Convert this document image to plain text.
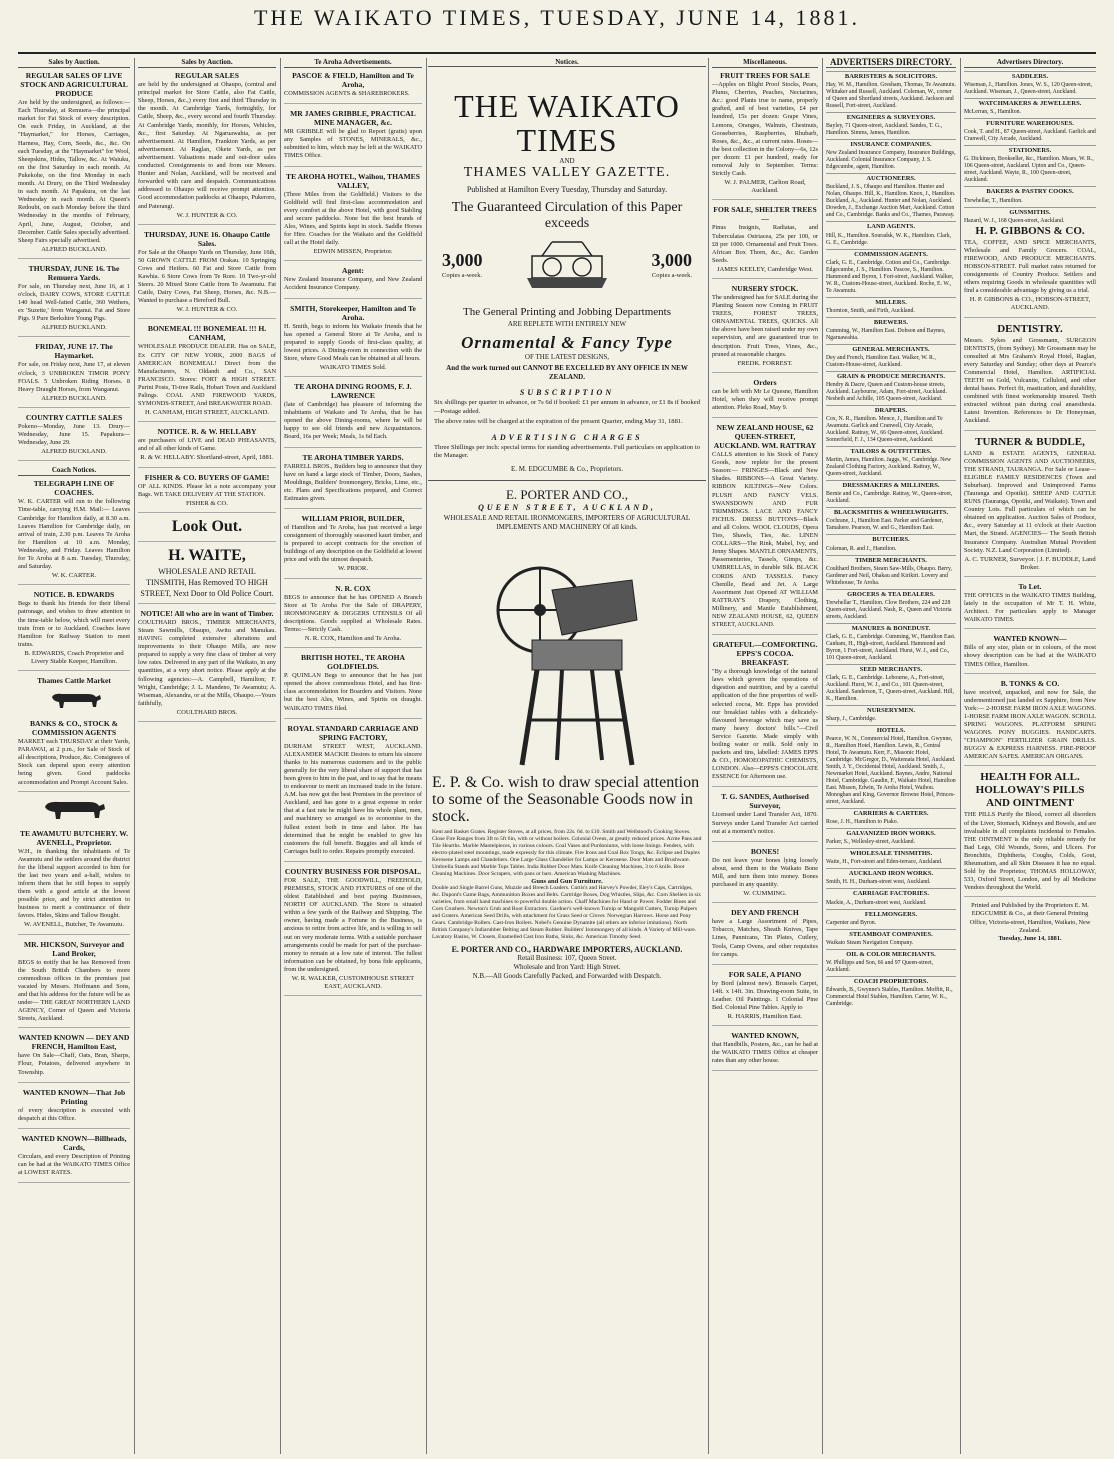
THE WAIKATO TIMES, TUESDAY, JUNE 14, 1881.
Sales by Auction.
REGULAR SALES OF LIVE STOCK AND AGRICULTURAL PRODUCE
Are held by the undersigned, as follows:— Each Thursday, at Remuera—the principal market for Fat Stock of every description. On each Friday, in Auckland, at the "Haymarket," for Horses, Carriages, Harness, Hay, Corn, Seeds, &c., &c. On each Tuesday, at the "Haymarket" for Wool, Sheepskins, Hides, Tallow, &c. At Waiuku, on the first Saturday in each month. At Pukekohe, on the first Monday in each month. At Drury, on the Third Wednesday in each month. At Papakura, on the last Wednesday in each month. At Queen's Redoubt, on each Monday before the third Wednesday in the months of February, April, June, August, October, and December. Cattle Sales specially advertised. Sheep Fairs specially advertised.
ALFRED BUCKLAND.
THURSDAY, JUNE 16. The Remuera Yards.
For sale, on Thursday next, June 16, at 1 o'clock, DAIRY COWS, STORE CATTLE 140 head Well-fatted Cattle, 360 Wethers, ex 'Suzette,' from Wanganui. Fat and Store Pigs. 9 Pure Berkshire Young Pigs.
ALFRED BUCKLAND.
FRIDAY, JUNE 17. The Haymarket.
For sale, on Friday next, June 17, at eleven o'clock, 3 UNBROKEN TIMOR PONY FOALS. 5 Unbroken Riding Horses. 8 Heavy Draught Horses, from Wanganui.
ALFRED BUCKLAND.
COUNTRY CATTLE SALES
Pokeno—Monday, June 13. Drury—Wednesday, June 15. Papakura—Wednesday, June 29.
ALFRED BUCKLAND.
Coach Notices.
TELEGRAPH LINE OF COACHES.
W. K. CARTER will run to the following Time-table, carrying H.M. Mail:— Leaves Cambridge for Hamilton daily, at 8.30 a.m. Leaves Hamilton for Cambridge daily, on arrival of train, 2.30 p.m. Leaves Te Aroha for Hamilton at 10 a.m. Monday, Wednesday, and Friday. Leaves Hamilton for Te Aroha at 8 a.m. Tuesday, Thursday, and Saturday.
W. K. CARTER.
NOTICE. B. EDWARDS
Begs to thank his friends for their liberal patronage, and wishes to draw attention to the time-table below, which will meet every train from or to Auckland. Coaches leave Hamilton for Railway Station to meet trains.
B. EDWARDS, Coach Proprietor and Livery Stable Keeper, Hamilton.
Thames Cattle Market
BANKS & CO., STOCK & COMMISSION AGENTS
MARKET each THURSDAY at their Yards, PARAWAI, at 2 p.m., for Sale of Stock of all descriptions, Produce, &c. Consignees of Stock can depend upon every attention being given. Good paddocks accommodation and Prompt Account Sales.
TE AWAMUTU BUTCHERY. W. AVENELL, Proprietor.
W.H., in thanking the inhabitants of Te Awamutu and the settlers around the district for the liberal support accorded to him for the last two years and a-half, wishes to inform them that he still hopes to supply them with a good article at the lowest possible price, and by strict attention to business to merit a continuance of their favors. Hides, Skins and Tallow Bought.
W. AVENELL, Butcher, Te Awamutu.
MR. HICKSON, Surveyor and Land Broker,
BEGS to notify that he has Removed from the South British Chambers to more commodious offices in the premises just vacated by Messrs. Hoffmann and Sons, and that his address for the future will be as under— THE GREAT NORTHERN LAND AGENCY, Corner of Queen and Victoria Streets, Auckland.
WANTED KNOWN — DEY AND FRENCH, Hamilton East,
have On Sale—Chaff, Oats, Bran, Sharps, Flour, Potatoes, delivered anywhere in Township.
WANTED KNOWN—That Job Printing
of every description is executed with despatch at this Office.
WANTED KNOWN—Billheads, Cards,
Circulars, and every Description of Printing can be had at the WAIKATO TIMES Office at LOWEST RATES.
Sales by Auction.
REGULAR SALES
are held by the undersigned at Ohaupo, (central and principal market for Store Cattle, also Fat Cattle, Sheep, Horses, &c.,) every first and third Thursday in the month. At Cambridge Yards, fortnightly, for Cattle, Sheep, &c., every second and fourth Thursday. At Cambridge Yards, monthly, for Horses, Vehicles, &c., first Saturday. At Ngaruawahia, as per advertisement. At Hamilton, Frankton Yards, as per advertisement. At Raglan, Okete Yards, as per advertisement. Valuations made and out-door sales conducted. Consignments to and from our Messrs. Hunter and Nolan, Auckland, will be received and forwarded with care and despatch. Communications addressed to Ohaupo will receive prompt attention. Good accommodation paddocks at Ohaupo, Pukeroro, and Paterangi.
W. J. HUNTER & CO.
THURSDAY, JUNE 16. Ohaupo Cattle Sales.
For Sale at the Ohaupo Yards on Thursday, June 16th, 50 GROWN CATTLE FROM Orakau. 10 Springing Cows and Heifers. 60 Fat and Store Cattle from Kawhia. 6 Store Cows from Te Rore. 10 Two-yr-old Steers. 20 Mixed Store Cattle from Te Awamutu. Fat Cattle, Dairy Cows, Fat Sheep, Horses, &c. N.B.—Wanted to purchase a Hereford Bull.
W. J. HUNTER & CO.
BONEMEAL !!! BONEMEAL !!! H. CANHAM,
WHOLESALE PRODUCE DEALER. Has on SALE, Ex CITY OF NEW YORK, 2000 BAGS of AMERICAN BONEMEAL! Direct from the Manufacturers, N. Oldandt and Co., SAN FRANCISCO. Stores: FORT & HIGH STREET. Purini Posts, Ti-tree Rails, Hobart Town and Auckland Palings. COAL AND FIREWOOD YARDS, SYMONDS-STREET, And BREAKWATER ROAD.
H. CANHAM, HIGH STREET, AUCKLAND.
NOTICE. R. & W. HELLABY
are purchasers of LIVE and DEAD PHEASANTS, and of all other kinds of Game.
R. & W. HELLABY. Shortland-street, April, 1881.
FISHER & CO. BUYERS OF GAME!
OF ALL KINDS. Please let a note accompany your Bags. WE TAKE DELIVERY AT THE STATION.
FISHER & CO.
Look Out.
H. WAITE,
WHOLESALE AND RETAIL TINSMITH, Has Removed TO HIGH STREET, Next Door to Old Police Court.
NOTICE! All who are in want of Timber.
COULTHARD BROS., TIMBER MERCHANTS, Steam Sawmills, Ohaupo, Awitu and Manukau. HAVING completed extensive alterations and improvements to their Ohaupo Mills, are now prepared to supply a very fine class of timber at very low rates. Delivered in any part of the Waikato, in any quantities, at a very short notice. Please apply at the following agencies:—A. Campbell, Hamilton; F. Wright, Cambridge; J. L. Mandeno, Te Awamutu; A. Wiseman, Alexandra, or at the Mills, Ohaupo.—Yours faithfully,
COULTHARD BROS.
Te Aroha Advertisements.
PASCOE & FIELD, Hamilton and Te Aroha,
COMMISSION AGENTS & SHAREBROKERS.
MR JAMES GRIBBLE, PRACTICAL MINE MANAGER, &c.
MR GRIBBLE will be glad to Report (gratis) upon any Samples of STONES, MINERALS, &c., submitted to him, which may be left at the WAIKATO TIMES Office.
TE AROHA HOTEL, Waihou, THAMES VALLEY,
(Three Miles from the Goldfield.) Visitors to the Goldfield will find first-class accommodation and every comfort at the above Hotel, with good Stabling and secure paddocks. None but the best brands of Ales, Wines, and Spirits kept in stock. Saddle Horses for Hire. Coaches for the Waikato and the Goldfield call at the Hotel daily.
EDWIN MISSEN, Proprietor.
Agent:
New Zealand Insurance Company, and New Zealand Accident Insurance Company.
SMITH, Storekeeper, Hamilton and Te Aroha.
H. Smith, begs to inform his Waikato friends that he has opened a General Store at Te Aroha, and is prepared to supply Goods of first-class quality, at lowest prices. A Dining-room in connection with the Store, where Good Meals can be obtained at all hours.
WAIKATO TIMES Sold.
TE AROHA DINING ROOMS, F. J. LAWRENCE
(late of Cambridge) has pleasure of informing the inhabitants of Waikato and Te Aroha, that he has opened the above Dining-rooms, where he will be happy to see old friends and new Acquaintances. Board, 16s per Week; Meals, 1s 6d Each.
TE AROHA TIMBER YARDS.
FARRELL BROS., Builders beg to announce that they have on hand a large stock of Timber, Doors, Sashes, Mouldings, Builders' Ironmongery, Bricks, Lime, etc., etc. Plans and Specifications prepared, and Correct Estimates given.
WILLIAM PRIOR, BUILDER,
of Hamilton and Te Aroha, has just received a large consignment of thoroughly seasoned kauri timber, and is prepared to accept contracts for the erection of buildings of any description on the Goldfield at lowest price and with the utmost despatch.
W. PRIOR.
N. R. COX
BEGS to announce that he has OPENED A Branch Store at Te Aroha For the Sale of DRAPERY, IRONMONGERY & DIGGERS UTENSILS Of all descriptions. Goods supplied at Wholesale Rates. Terms:—Strictly Cash.
N. R. COX, Hamilton and Te Aroha.
BRITISH HOTEL, TE AROHA GOLDFIELDS.
P. QUINLAN Begs to announce that he has just opened the above commodious Hotel, and has first-class accommodation for Boarders and Visitors. None but the best Ales, Wines, and Spirits on draught. WAIKATO TIMES filed.
ROYAL STANDARD CARRIAGE AND SPRING FACTORY,
DURHAM STREET WEST, AUCKLAND. ALEXANDER MACKIE Desires to return his sincere thanks to his numerous customers and to the public generally for the very liberal share of support that has been given to him in the past, and to say that he means to endeavour to merit an increased trade in the future. A.M. has now got the best Premises in the province of Auckland, and has gone to a great expense in order that at a fast rate he might have his whole plant, men, and machinery so arranged as to economise to the fullest extent both in time and labor. He has determined that he might be enabled to give his customers the full benefit. Buggies and all kinds of Carriages built to order. Repairs promptly executed.
COUNTRY BUSINESS FOR DISPOSAL.
FOR SALE, THE GOODWILL, FREEHOLD, PREMISES, STOCK AND FIXTURES of one of the oldest Established and best paying Businesses, NORTH OF AUCKLAND. The Store is situated within a few yards of the Railway and Shipping. The owner, having made a Fortune in the Business, is anxious to retire from active life, and is willing to sell out on very moderate terms. With a suitable purchaser arrangements could be made for part of the purchase-money to remain at a low rate of interest. The fullest information can be obtained, by bona fide applicants, from the undersigned.
W. R. WALKER, CUSTOMHOUSE STREET EAST, AUCKLAND.
Notices.
THE WAIKATO TIMES
AND
THAMES VALLEY GAZETTE.
Published at Hamilton Every Tuesday, Thursday and Saturday.
The Guaranteed Circulation of this Paper exceeds
3,000
Copies a-week.
3,000
Copies a-week.
The General Printing and Jobbing Departments
ARE REPLETE WITH ENTIRELY NEW
Ornamental & Fancy Type
OF THE LATEST DESIGNS,
And the work turned out CANNOT BE EXCELLED BY ANY OFFICE IN NEW ZEALAND.
SUBSCRIPTION
Six shillings per quarter in advance, or 7s 6d if booked: £1 per annum in advance, or £1 8s if booked—Postage added.
The above rates will be charged at the expiration of the present Quarter, ending May 31, 1881.
ADVERTISING CHARGES
Three Shillings per inch: special terms for standing advertisements. Full particulars on application to the Manager.
E. M. EDGCUMBE & Co., Proprietors.
E. PORTER AND CO.,
QUEEN STREET, AUCKLAND,
WHOLESALE AND RETAIL IRONMONGERS, IMPORTERS OF AGRICULTURAL IMPLEMENTS AND MACHINERY Of all kinds.
E. P. & Co. wish to draw special attention to some of the Seasonable Goods now in stock.
Kent and Basket Grates. Register Stoves, at all prices, from 22s. 6d. to £10. Smith and Wellstood's Cooking Stoves. Close Fire Ranges from 3ft to 5ft 6in, with or without boilers. Colonial Ovens, at greatly reduced prices. Acme Pans and Tile Hearths. Marble Mantelpieces, in various colours. Coal Vases and Purdoniums, with loose linings. Fenders, with electro-plated steel mountings, made expressly for this climate. Fire Irons and Coal Box Tongs, &c. Eclipse and Duplex Kerosene Lamps and Chandeliers. One Large Glass Chandelier for Lamps or Kerosene. Door Mats and Brushware. Umbrella Stands and Marble Tops Tables. India Rubber Door Mats. Knife Cleaning Machines, 3 to 6 knife. Boot Cleaning Machines. Door Scrapers, with pans or bars. American Washing Machines.
Guns and Gun Furniture.
Double and Single Barrel Guns, Muzzle and Breech Loaders. Curtis's and Harvey's Powder, Eley's Caps, Cartridges, &c. Dupont's Game Bags, Ammunition Boxes and Belts. Cartridge Boxes, Dog Whistles, Slips, &c. Corn Shellers in six varieties, from small hand machines to powerful double action. Chaff Machines for Hand or Power. Fodder Bines and Corn Crushers. Newton's Grub and Root Extractors. Gardner's well-known Turnip or Mangold Cutters, Turnip Pulpers and Graters. American Seed Drills, with attachment for Grass Seed or Clover. Norwegian Harrows. Horse and Pony Gears. Cambridge Rollers. Cast-Iron Boilers. Nobel's Genuine Dynamite (all others are inferior imitations). North British Company's Indiarubber Belting and Steam Rubber. Builders' Ironmongery of all kinds. A Variety of Mill-ware. Lavatory Basins, W. Closets, Enamelled Cast Iron Baths, Sinks, &c. American Timothy Seed.
E. PORTER AND CO., HARDWARE IMPORTERS, AUCKLAND.
Retail Business: 107, Queen Street.
Wholesale and Iron Yard: High Street.
N.B.—All Goods Carefully Packed, and Forwarded with Despatch.
Miscellaneous.
FRUIT TREES FOR SALE
—Apples on Blight Proof Stocks, Pears, Plums, Cherries, Peaches, Nectarines, &c.: good Plants true to name, properly grafted, and of best varieties, £4 per hundred, 15s per dozen: Grape Vines, Lemons, Oranges, Walnuts, Chestnuts, Gooseberries, Raspberries, Rhubarb, Roses, &c., &c., at current rates. Roses—the best collection in the Colony—6s, 12s per dozen: £1 per hundred, ready for removal July to September. Terms: Strictly Cash.
W. J. PALMER, Carlton Road, Auckland.
FOR SALE, SHELTER TREES—
Pinus Insignis, Radiatas, and Tuberculatas Ostriacea, 25s per 100, or £8 per 1000. Ornamental and Fruit Trees. African Box Thorn, &c., &c. Garden Seeds.
JAMES KEELEY, Cambridge West.
NURSERY STOCK.
The undersigned has for SALE during the Planting Season now Coming in FRUIT TREES, FOREST TREES, ORNAMENTAL TREES, QUICKS. All the above have been raised under my own supervision, and are guaranteed true to description. Fruit Trees, Vines, &c., pruned at reasonable charges.
FREDK. FORREST.
Orders
can be left with Mr Le Quesne, Hamilton Hotel, when they will receive prompt attention. Pleko Road, May 9.
NEW ZEALAND HOUSE, 62 QUEEN-STREET, AUCKLAND. WM. RATTRAY
CALLS attention to his Stock of Fancy Goods, now replete for the present Season:— FRINGES—Black and New Shades. RIBBONS—A Great Variety. RIBBON KILTINGS—New Colors. PLUSH AND FANCY VELS. SWANSDOWN AND FUR TRIMMINGS. LACE AND FANCY FICHUS. DRESS BUTTONS—Black and all Colors. WOOL CLOUDS, Opera Ties, Shawls, Ties, &c. LINEN COLLARS—The Rink, Mabel, Ivy, and Jenny Shapes. MANTLE ORNAMENTS, Passementeries, Tassels, Gimps, &c. UMBRELLAS, in durable Silk. BLACK CORDS AND TASSELS. Fancy Chenille, Bead and Jet. A Large Assortment Just Opened AT WILLIAM RATTRAY'S Drapery, Clothing, Millinery, and Mantle Establishment, NEW ZEALAND HOUSE, 62, QUEEN STREET, AUCKLAND.
GRATEFUL—COMFORTING. EPPS'S COCOA. BREAKFAST.
"By a thorough knowledge of the natural laws which govern the operations of digestion and nutrition, and by a careful application of the fine properties of well-selected cocoa, Mr. Epps has provided our breakfast tables with a delicately-flavoured beverage which may save us many heavy doctors' bills."—Civil Service Gazette. Made simply with boiling water or milk. Sold only in packets and tins, labelled: JAMES EPPS & CO., HOMOEOPATHIC CHEMISTS, LONDON. Also—EPPS'S CHOCOLATE ESSENCE for Afternoon use.
T. G. SANDES, Authorised Surveyor,
Licensed under Land Transfer Act, 1870. Surveys under Land Transfer Act carried out at a moment's notice.
BONES!
Do not leave your bones lying loosely about, send them to the Waikato Bone Mill, and turn them into money. Bones purchased in any quantity.
W. CUMMING.
DEY AND FRENCH
have a Large Assortment of Pipes, Tobacco, Matches, Sheath Knives, Tape Lines, Pannicans, Tin Plates, Cutlery, Tools, Camp Ovens, and other requisites for camps.
FOR SALE, A PIANO
by Bord (almost new). Brussels Carpet, 14ft. x 14ft. 3in. Drawing-room Suite, in Leather. Oil Paintings. 1 Colonial Pine Bed. Colonial Pine Tables. Apply to
R. HARRIS, Hamilton East.
WANTED KNOWN,
that Handbills, Posters, &c., can be had at the WAIKATO TIMES Office at cheaper rates than any other house.
ADVERTISERS DIRECTORY.
BARRISTERS & SOLICITORS.
Hay, W. M., Hamilton. Gresham, Thomas, Te Awamutu. Whitaker and Russell, Auckland. Coleman, W., corner of Queen and Shortland streets, Auckland. Jackson and Russell, Fort-street, Auckland.
ENGINEERS & SURVEYORS.
Bayley, 71 Queen-street, Auckland. Sandes, T. G., Hamilton. Simms, James, Hamilton.
INSURANCE COMPANIES.
New Zealand Insurance Company, Insurance Buildings, Auckland. Colonial Insurance Company, J. S. Edgecumbe, agent, Hamilton.
AUCTIONEERS.
Buckland, J. S., Ohaupo and Hamilton. Hunter and Nolan, Ohaupo. Hill, K., Hamilton. Knox, J., Hamilton. Buckland, A., Auckland. Hunter and Nolan, Auckland. Dowden, J., Exchange Auction Mart, Auckland. Cotton and Co., Cambridge. Banks and Co., Thames, Paraway.
LAND AGENTS.
Hill, K., Hamilton. Souradsk, W. K., Hamilton. Clark, G. E., Cambridge.
COMMISSION AGENTS.
Clark, G. E., Cambridge. Cotton and Co., Cambridge. Edgecumbe, J. S., Hamilton. Pascoe, S., Hamilton. Hammond and Byron, 1 Fort-street, Auckland. Walker, W. R., Custom-House-street, Auckland. Roche, E. W., Te Awamutu.
MILLERS.
Thornton, Smith, and Firth, Auckland.
BREWERS.
Cumming, W., Hamilton East. Dobson and Baynes, Ngaruawahia.
GENERAL MERCHANTS.
Dey and French, Hamilton East. Walker, W. R., Custom-House-street, Auckland.
GRAIN & PRODUCE MERCHANTS.
Hendry & Dacre, Queen and Custom-house streets, Auckland. Laybourne, Adam, Fort-street, Auckland. Nesbeth and Achille, 105 Queen-street, Auckland.
DRAPERS.
Cox, N. R., Hamilton. Mence, J., Hamilton and Te Awamutu. Garlick and Cranwell, City Arcade, Auckland. Rattray, W., 66 Queen-street, Auckland. Somerfield, F. J., 134 Queen-street, Auckland.
TAILORS & OUTFITTERS.
Martin, James, Hamilton. Jaggs, W., Cambridge. New Zealand Clothing Factory, Auckland. Rattray, W., Queen-street, Auckland.
DRESSMAKERS & MILLINERS.
Bernie and Co., Cambridge. Rattray, W., Queen-street, Auckland.
BLACKSMITHS & WHEELWRIGHTS.
Cochrane, J., Hamilton East. Parker and Gardener, Tamahere. Pearson, W. and G., Hamilton East.
BUTCHERS.
Coleman, R. and J., Hamilton.
TIMBER MERCHANTS.
Coulthard Brothers, Steam Saw-Mills, Ohaupo. Berry, Gardener and Neil, Ohakau and Kirikiri. Lovery and Whitehouse, Te Aroha.
GROCERS & TEA DEALERS.
Trewhellar T., Hamilton. Clow Brothers, 224 and 228 Queen-street, Auckland. Nash, R., Queen and Victoria streets, Auckland.
MANURES & BONEDUST.
Clark, G. E., Cambridge. Cumming, W., Hamilton East. Canham, H., High-street, Auckland. Hammond and Byron, 1 Fort-street, Auckland. Hurst, W. J., and Co., 101 Queen-street, Auckland.
SEED MERCHANTS.
Clark, G. E., Cambridge. Lebourne, A., Fort-street, Auckland. Hurst, W. J., and Co., 101 Queen-street, Auckland. Sanderson, T., Queen-street, Auckland. Hill, K., Hamilton.
NURSERYMEN.
Sharp, J., Cambridge.
HOTELS.
Pearce, W. N., Commercial Hotel, Hamilton. Gwynne, R., Hamilton Hotel, Hamilton. Lewis, R., Central Hotel, Te Awamutu. Kerr, F., Masonic Hotel, Cambridge. McGregor, D., Waitemata Hotel, Auckland. Smith, J. Y., Occidental Hotel, Auckland. Smith, J., Newmarket Hotel, Auckland. Baynes, Andre, National Hotel, Cambridge. Gaudin, F., Waikato Hotel, Hamilton East. Missen, Edwin, Te Aroha Hotel, Waihou. Monoghan and King, Governor Browne Hotel, Princes-street, Auckland.
CARRIERS & CARTERS.
Rose, J. H., Hamilton to Piako.
GALVANIZED IRON WORKS.
Parker, S., Wellesley-street, Auckland.
WHOLESALE TINSMITHS.
Waite, H., Fort-street and Eden-terrace, Auckland.
AUCKLAND IRON WORKS.
Smith, H. H., Durham-street west, Auckland.
CARRIAGE FACTORIES.
Mackie, A., Durham-street west, Auckland.
FELLMONGERS.
Carpenter and Byron.
STEAMBOAT COMPANIES.
Waikato Steam Navigation Company.
OIL & COLOR MERCHANTS.
W. Phillipps and Son, 66 and 97 Queen-street, Auckland.
COACH PROPRIETORS.
Edwards, B., Gwynne's Stables, Hamilton. Moffitt, R., Commercial Hotel Stables, Hamilton. Carter, W. K., Cambridge.
Advertisers Directory.
SADDLERS.
Wiseman, J., Hamilton. Jones, W. S., 120 Queen-street, Auckland. Wiseman, J., Queen-street, Auckland.
WATCHMAKERS & JEWELLERS.
McLerran, S., Hamilton.
FURNITURE WAREHOUSES.
Cook, T. and H., 87 Queen-street, Auckland. Garlick and Cranwell, City Arcade, Auckland.
STATIONERS.
G. Dickinson, Bookseller, &c., Hamilton. Mears, W. R., 106 Queen-street, Auckland. Upton and Co., Queen-street, Auckland. Wayte, R., 100 Queen-street, Auckland.
BAKERS & PASTRY COOKS.
Trewhellar, T., Hamilton.
GUNSMITHS.
Hazard, W. J., 168 Queen-street, Auckland.
H. P. GIBBONS & CO.
TEA, COFFEE, AND SPICE MERCHANTS, Wholesale and Family Grocers. COAL, FIREWOOD, AND PRODUCE MERCHANTS. HOBSON-STREET. Full market rates returned for consignments of Country Produce. Settlers and others requiring Goods in wholesale quantities will find a considerable advantage by giving us a trial.
H. P. GIBBONS & CO., HOBSON-STREET, AUCKLAND.
DENTISTRY.
Messrs. Sykes and Grossmann, SURGEON DENTISTS, (from Sydney). Mr Grossmann may be consulted at Mrs Graham's Royal Hotel, Raglan, every Saturday and Sunday; other days at Pearce's Commercial Hotel, Hamilton. ARTIFICIAL TEETH on Gold, Vulcanite, Celluloid, and other dental bases. Perfect fit, mastication, and durability, combined with finest workmanship insured. Teeth extracted without pain during coal anaesthesia. Latest Invention. References to Dr Honeyman, Auckland.
TURNER & BUDDLE,
LAND & ESTATE AGENTS, GENERAL COMMISSION AGENTS AND AUCTIONEERS, THE STRAND, TAURANGA. For Sale or Lease— ELIGIBLE FAMILY RESIDENCES (Town and Suburban). Improved and Unimproved Farms (Tauranga and Opotiki). SHEEP AND CATTLE RUNS (Tauranga, Opotiki, and Waikato). Town and Country Lots. Full particulars of which can be obtained on application. Auction Sales of Produce, &c., every Saturday at 11 o'clock at their Auction Mart, the Strand. AGENCIES— The South British Insurance Company. Australian Mutual Provident Society. N.Z. Land Corporation (Limited).
A. C. TURNER, Surveyor. | J. F. BUDDLE, Land Broker.
To Let.
THE OFFICES in the WAIKATO TIMES Building, lately in the occupation of Mr T. H. White, Architect. For particulars apply to Manager WAIKATO TIMES.
WANTED KNOWN—
Bills of any size, plain or in colours, of the most showy description can be had at the WAIKATO TIMES Office, Hamilton.
B. TONKS & CO.
have received, unpacked, and now for Sale, the undermentioned just landed ex Sapphire, from New York:— 2-HORSE FARM IRON AXLE WAGONS. 1-HORSE FARM IRON AXLE WAGON. SCROLL SPRING WAGONS. PLATFORM SPRING WAGONS. PONY BUGGIES. HANDCARTS. "CHAMPION" FERTILIZER GRAIN DRILLS. BUGGY & EXPRESS HARNESS. FIRE-PROOF AMERICAN SAFES. AMERICAN ORGANS.
HEALTH FOR ALL. HOLLOWAY'S PILLS AND OINTMENT
THE PILLS Purify the Blood, correct all disorders of the Liver, Stomach, Kidneys and Bowels, and are invaluable in all complaints incidental to Females. THE OINTMENT is the only reliable remedy for Bad Legs, Old Wounds, Sores, and Ulcers. For Bronchitis, Diphtheria, Coughs, Colds, Gout, Rheumatism, and all Skin Diseases it has no equal. Sold by the Proprietor, THOMAS HOLLOWAY, 533, Oxford Street, London, and by all Medicine Vendors throughout the World.
Printed and Published by the Proprietors E. M. EDGCUMBE & Co., at their General Printing Office, Victoria-street, Hamilton, Waikato, New Zealand.
Tuesday, June 14, 1881.
